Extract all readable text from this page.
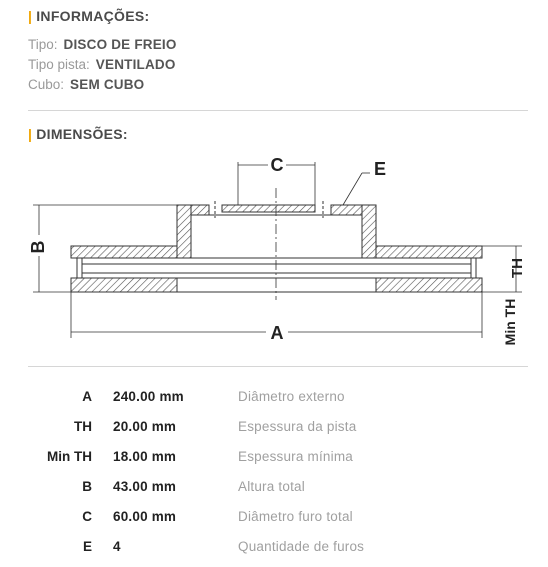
| INFORMAÇÕES:
Tipo: DISCO DE FREIO
Tipo pista: VENTILADO
Cubo: SEM CUBO
| DIMENSÕES:
C	E
B
A
TH
Min TH
A 240.00 mm	Diâmetro externo
TH 20.00 mm	Espessura da pista
Min TH 18.00 mm	Espessura mínima
B 43.00 mm	Altura total
C 60.00 mm	Diâmetro furo total
E 4	Quantidade de furos
